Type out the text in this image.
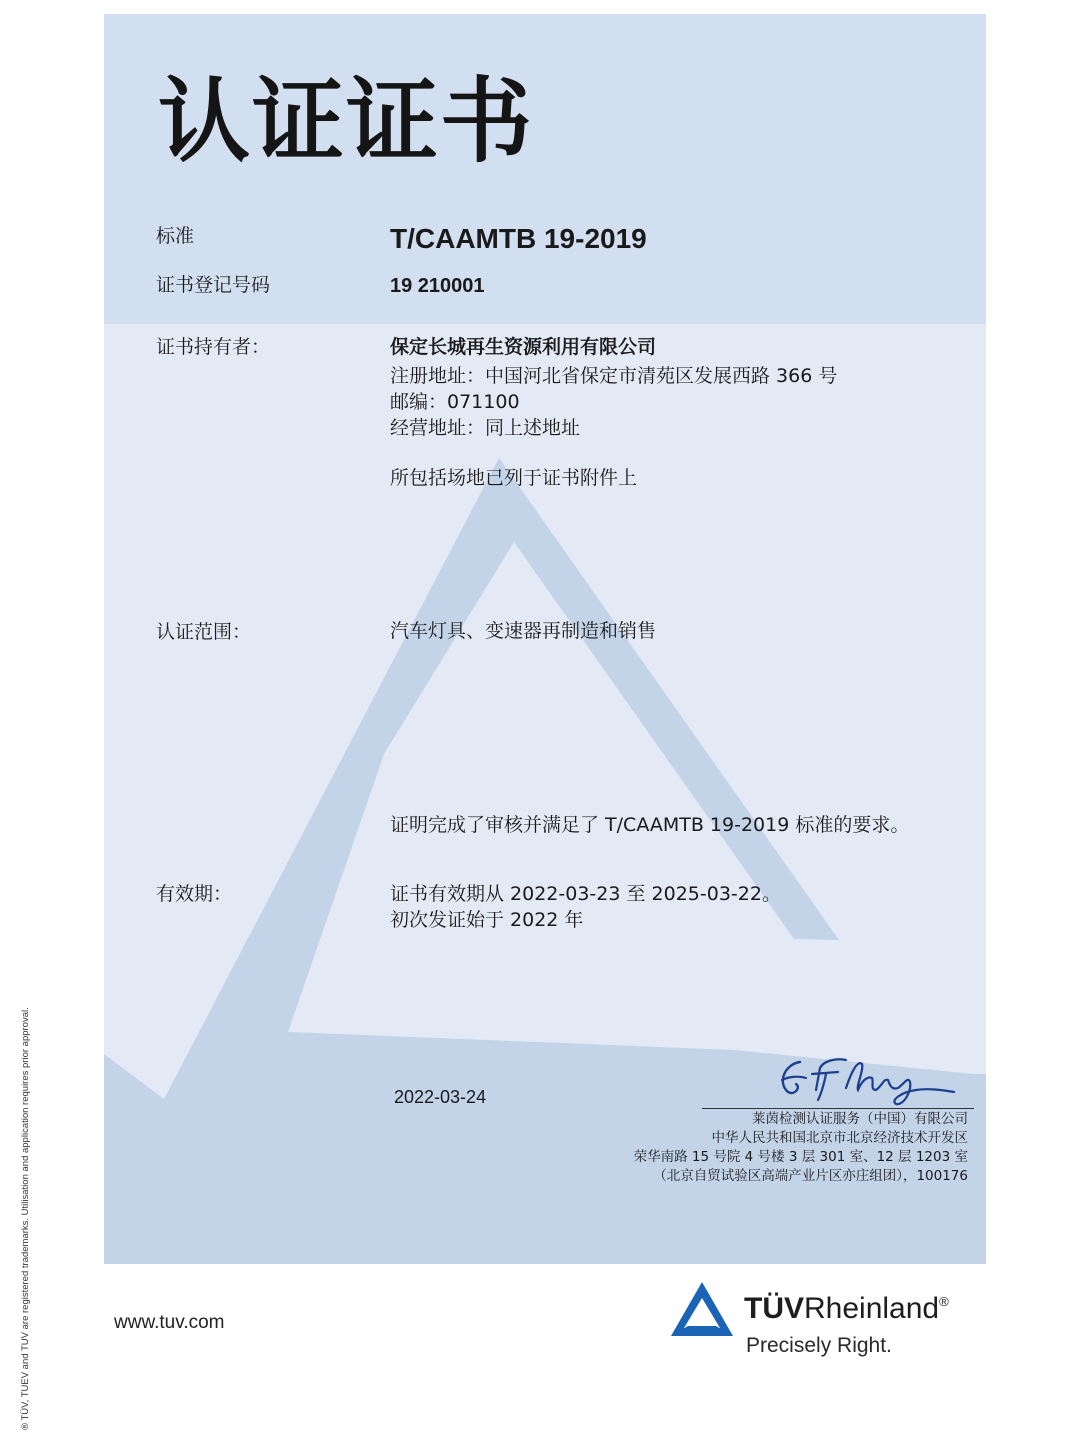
认证证书
标准	T/CAAMTB 19-2019
证书登记号码	19 210001
证书持有者：	保定长城再生资源利用有限公司
注册地址：中国河北省保定市清苑区发展西路 366 号
邮编：071100
经营地址：同上述地址
所包括场地已列于证书附件上
认证范围：	汽车灯具、变速器再制造和销售
证明完成了审核并满足了 T/CAAMTB 19-2019 标准的要求。
有效期：	证书有效期从 2022-03-23 至 2025-03-22。
初次发证始于 2022 年
2022-03-24
E.Zhang
莱茵检测认证服务（中国）有限公司
中华人民共和国北京市北京经济技术开发区
荣华南路 15 号院 4 号楼 3 层 301 室、12 层 1203 室
（北京自贸试验区高端产业片区亦庄组团），100176
® TÜV, TUEV and TUV are registered trademarks. Utilisation and application requires prior approval.	www.tuv.com	TÜVRheinland®
Precisely Right.
